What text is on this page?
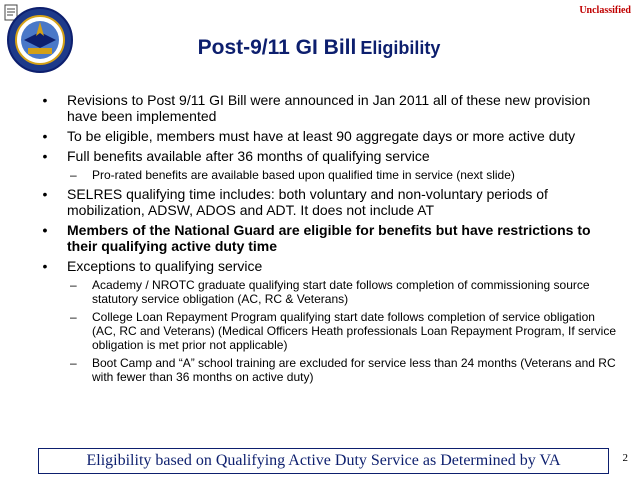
Unclassified
Post-9/11 GI Bill Eligibility
• Revisions to Post 9/11 GI Bill were announced in Jan 2011 all of these new provision have been implemented
• To be eligible, members must have at least 90 aggregate days or more active duty
• Full benefits available after 36 months of qualifying service
– Pro-rated benefits are available based upon qualified time in service (next slide)
• SELRES qualifying time includes: both voluntary and non-voluntary periods of mobilization, ADSW, ADOS and ADT. It does not include AT
• Members of the National Guard are eligible for benefits but have restrictions to their qualifying active duty time
• Exceptions to qualifying service
– Academy / NROTC graduate qualifying start date follows completion of commissioning source statutory service obligation (AC, RC & Veterans)
– College Loan Repayment Program qualifying start date follows completion of service obligation (AC, RC and Veterans) (Medical Officers Heath professionals Loan Repayment Program, If service obligation is met prior not applicable)
– Boot Camp and “A” school training are excluded for service less than 24 months (Veterans and RC with fewer than 36 months on active duty)
Eligibility based on Qualifying Active Duty Service as Determined by VA	2
